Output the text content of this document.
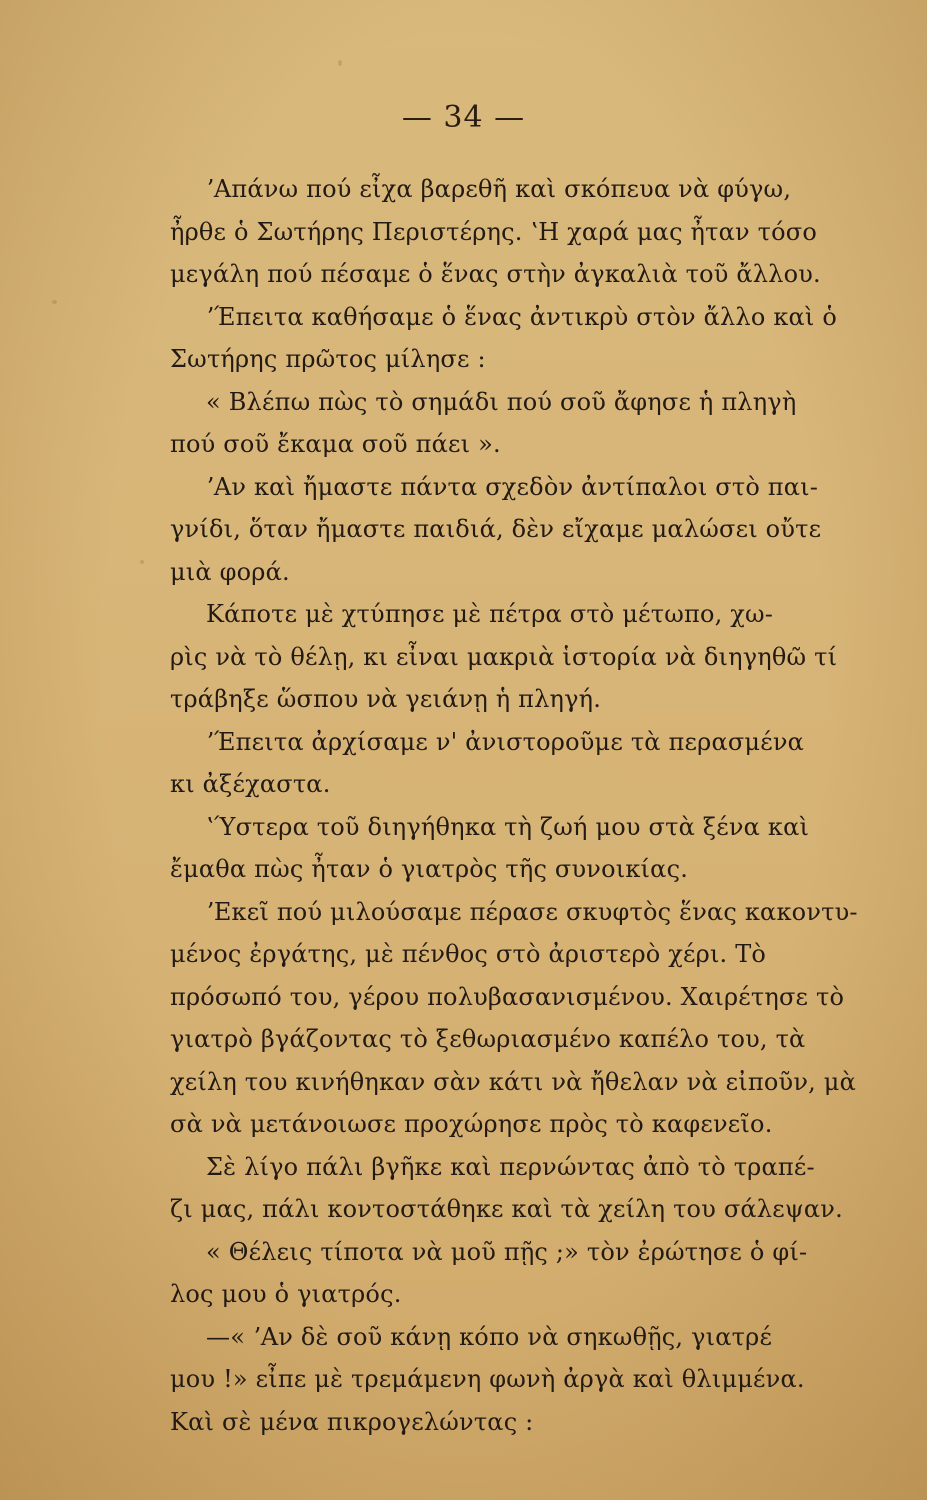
— 34 —
ʼΑπάνω πού εἶχα βαρεθῆ καὶ σκόπευα νὰ φύγω,
ἦρθε ὁ Σωτήρης Περιστέρης. ʽΗ χαρά μας ἦταν τόσο
μεγάλη πού πέσαμε ὁ ἕνας στὴν ἀγκαλιὰ τοῦ ἄλλου.
ʼΈπειτα καθήσαμε ὁ ἕνας ἀντικρὺ στὸν ἄλλο καὶ ὁ
Σωτήρης πρῶτος μίλησε :
« Βλέπω πὼς τὸ σημάδι πού σοῦ ἄφησε ἡ πληγὴ
πού σοῦ ἔκαμα σοῦ πάει ».
ʼΑν καὶ ἤμαστε πάντα σχεδὸν ἀντίπαλοι στὸ παι-
γνίδι, ὅταν ἤμαστε παιδιά, δὲν εἴχαμε μαλώσει οὔτε
μιὰ φορά.
Κάποτε μὲ χτύπησε μὲ πέτρα στὸ μέτωπο, χω-
ρὶς νὰ τὸ θέλῃ, κι εἶναι μακριὰ ἱστορία νὰ διηγηθῶ τί
τράβηξε ὥσπου νὰ γειάνῃ ἡ πληγή.
ʼΈπειτα ἀρχίσαμε ν' ἀνιστοροῦμε τὰ περασμένα
κι ἀξέχαστα.
ʽΎστερα τοῦ διηγήθηκα τὴ ζωή μου στὰ ξένα καὶ
ἔμαθα πὼς ἦταν ὁ γιατρὸς τῆς συνοικίας.
ʼΕκεῖ πού μιλούσαμε πέρασε σκυφτὸς ἕνας κακοντυ-
μένος ἐργάτης, μὲ πένθος στὸ ἀριστερὸ χέρι. Τὸ
πρόσωπό του, γέρου πολυβασανισμένου. Χαιρέτησε τὸ
γιατρὸ βγάζοντας τὸ ξεθωριασμένο καπέλο του, τὰ
χείλη του κινήθηκαν σὰν κάτι νὰ ἤθελαν νὰ εἰποῦν, μὰ
σὰ νὰ μετάνοιωσε προχώρησε πρὸς τὸ καφενεῖο.
Σὲ λίγο πάλι βγῆκε καὶ περνώντας ἀπὸ τὸ τραπέ-
ζι μας, πάλι κοντοστάθηκε καὶ τὰ χείλη του σάλεψαν.
« Θέλεις τίποτα νὰ μοῦ πῇς ;» τὸν ἐρώτησε ὁ φί-
λος μου ὁ γιατρός.
—« ʼΑν δὲ σοῦ κάνῃ κόπο νὰ σηκωθῇς, γιατρέ
μου !» εἶπε μὲ τρεμάμενη φωνὴ ἀργὰ καὶ θλιμμένα.
Καὶ σὲ μένα πικρογελώντας :
